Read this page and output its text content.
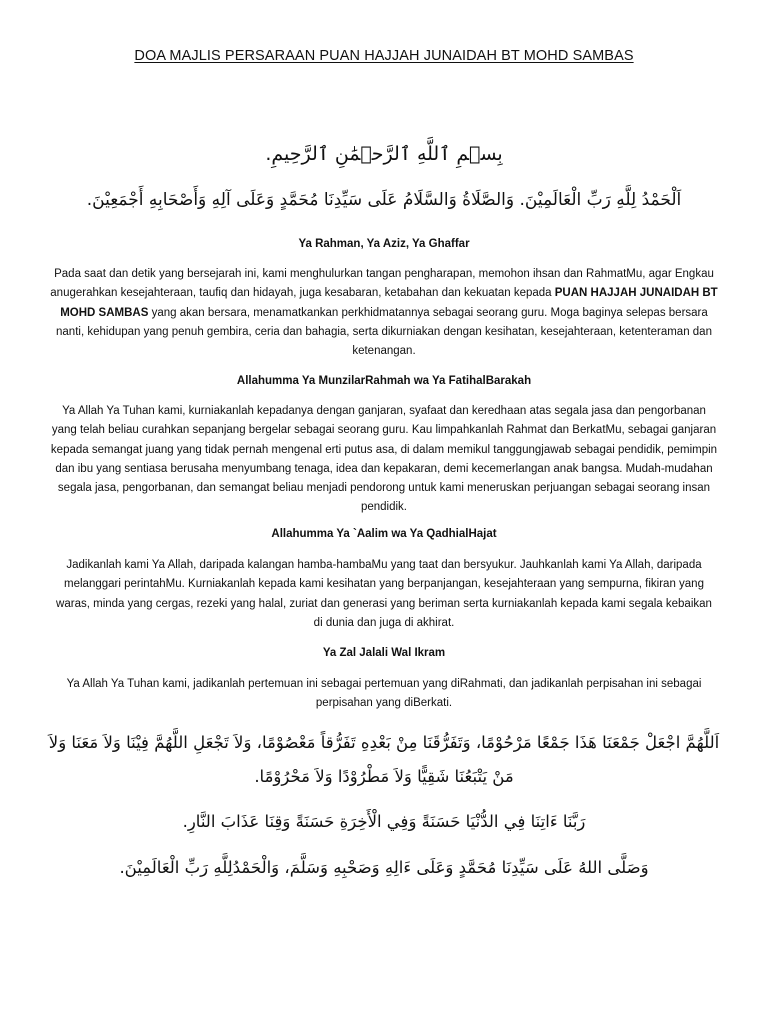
DOA MAJLIS PERSARAAN PUAN HAJJAH JUNAIDAH BT MOHD SAMBAS
بِسۡمِ ٱللَّهِ ٱلرَّحۡمَٰنِ ٱلرَّحِيمِ.
اَلْحَمْدُ لِلَّهِ رَبِّ الْعَالَمِيْنَ. وَالصَّلَاةُ وَالسَّلَامُ عَلَى سَيِّدِنَا مُحَمَّدٍ وَعَلَى آلِهِ وَأَصْحَابِهِ أَجْمَعِيْنَ.
Ya Rahman, Ya Aziz, Ya Ghaffar
Pada saat dan detik yang bersejarah ini, kami menghulurkan tangan pengharapan, memohon ihsan dan RahmatMu, agar Engkau anugerahkan kesejahteraan, taufiq dan hidayah, juga kesabaran, ketabahan dan kekuatan kepada PUAN HAJJAH JUNAIDAH BT MOHD SAMBAS yang akan bersara, menamatkankan perkhidmatannya sebagai seorang guru. Moga baginya selepas bersara nanti, kehidupan yang penuh gembira, ceria dan bahagia, serta dikurniakan dengan kesihatan, kesejahteraan, ketenteraman dan ketenangan.
Allahumma Ya MunzilarRahmah wa Ya FatihalBarakah
Ya Allah Ya Tuhan kami, kurniakanlah kepadanya dengan ganjaran, syafaat dan keredhaan atas segala jasa dan pengorbanan yang telah beliau curahkan sepanjang bergelar sebagai seorang guru. Kau limpahkanlah Rahmat dan BerkatMu, sebagai ganjaran kepada semangat juang yang tidak pernah mengenal erti putus asa, di dalam memikul tanggungjawab sebagai pendidik, pemimpin dan ibu yang sentiasa berusaha menyumbang tenaga, idea dan kepakaran, demi kecemerlangan anak bangsa. Mudah-mudahan segala jasa, pengorbanan, dan semangat beliau menjadi pendorong untuk kami meneruskan perjuangan sebagai seorang insan pendidik.
Allahumma Ya `Aalim wa Ya QadhialHajat
Jadikanlah kami Ya Allah, daripada kalangan hamba-hambaMu yang taat dan bersyukur. Jauhkanlah kami Ya Allah, daripada melanggari perintahMu. Kurniakanlah kepada kami kesihatan yang berpanjangan, kesejahteraan yang sempurna, fikiran yang waras, minda yang cergas, rezeki yang halal, zuriat dan generasi yang beriman serta kurniakanlah kepada kami segala kebaikan di dunia dan juga di akhirat.
Ya Zal Jalali Wal Ikram
Ya Allah Ya Tuhan kami, jadikanlah pertemuan ini sebagai pertemuan yang diRahmati, dan jadikanlah perpisahan ini sebagai perpisahan yang diBerkati.
اَللَّهُمَّ اجْعَلْ جَمْعَنَا هَذَا جَمْعًا مَرْحُوْمًا، وَتَفَرُّقَنَا مِنْ بَعْدِهِ تَفَرُّقاً مَعْصُوْمًا، وَلاَ تَجْعَلِ اللَّهُمَّ فِيْنَا وَلاَ مَعَنَا وَلاَ مَنْ يَتْبَعُنَا شَقِيًّا وَلاَ مَطْرُوْدًا وَلاَ مَحْرُوْمًا.
رَبَّنَا ءَاتِنَا فِي الدُّنْيَا حَسَنَةً وَفِي الْأَخِرَةِ حَسَنَةً وَقِنَا عَذَابَ النَّارِ.
وَصَلَّى اللهُ عَلَى سَيِّدِنَا مُحَمَّدٍ وَعَلَى ءَالِهِ وَصَحْبِهِ وَسَلَّمَ، وَالْحَمْدُلِلَّهِ رَبِّ الْعَالَمِيْنَ.
